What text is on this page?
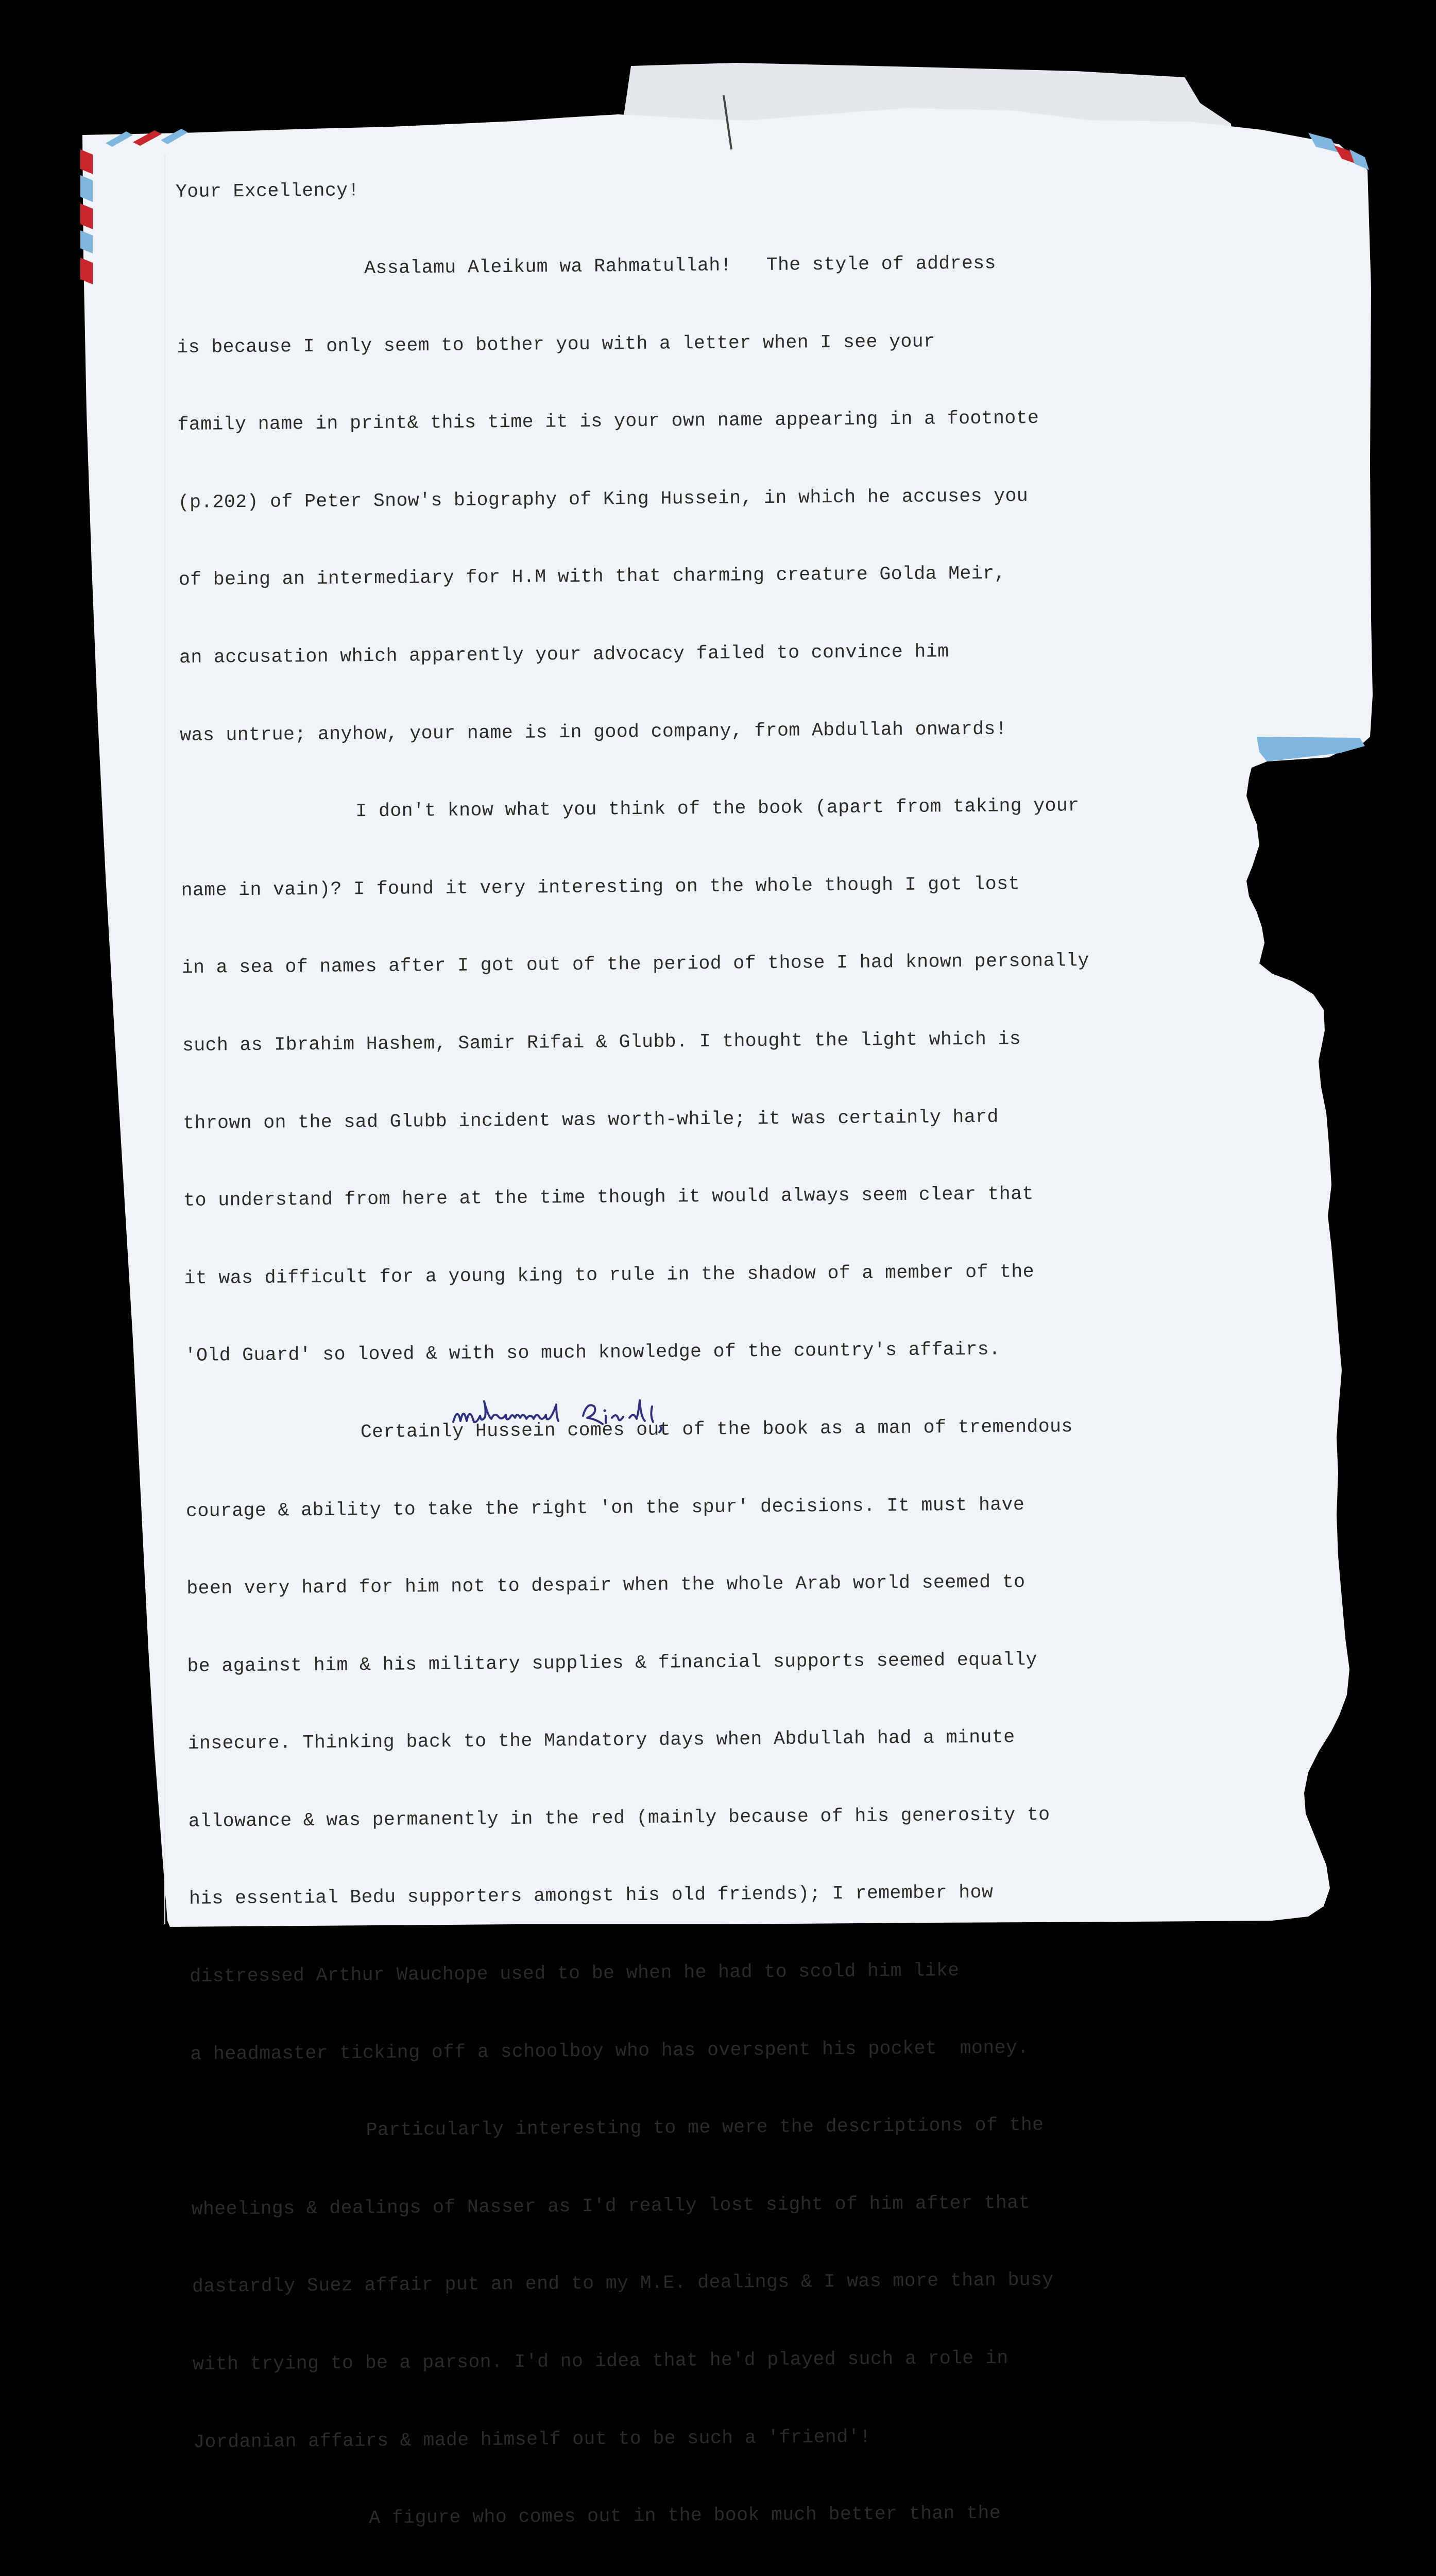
Your Excellency!

Assalamu Aleikum wa Rahmatullah!   The style of address

is because I only seem to bother you with a letter when I see your

family name in print& this time it is your own name appearing in a footnote

(p.202) of Peter Snow's biography of King Hussein, in which he accuses you

of being an intermediary for H.M with that charming creature Golda Meir,

an accusation which apparently your advocacy failed to convince him

was untrue; anyhow, your name is in good company, from Abdullah onwards!

I don't know what you think of the book (apart from taking your

name in vain)? I found it very interesting on the whole though I got lost

in a sea of names after I got out of the period of those I had known personally

such as Ibrahim Hashem, Samir Rifai & Glubb. I thought the light which is

thrown on the sad Glubb incident was worth-while; it was certainly hard

to understand from here at the time though it would always seem clear that

it was difficult for a young king to rule in the shadow of a member of the

'Old Guard' so loved & with so much knowledge of the country's affairs.

Certainly Hussein comes out of the book as a man of tremendous

courage & ability to take the right 'on the spur' decisions. It must have

been very hard for him not to despair when the whole Arab world seemed to

be against him & his military supplies & financial supports seemed equally

insecure. Thinking back to the Mandatory days when Abdullah had a minute

allowance & was permanently in the red (mainly because of his generosity to

his essential Bedu supporters amongst his old friends); I remember how

distressed Arthur Wauchope used to be when he had to scold him like

a headmaster ticking off a schoolboy who has overspent his pocket  money.

Particularly interesting to me were the descriptions of the

wheelings & dealings of Nasser as I'd really lost sight of him after that

dastardly Suez affair put an end to my M.E. dealings & I was more than busy

with trying to be a parson. I'd no idea that he'd played such a role in

Jordanian affairs & made himself out to be such a 'friend'!

A figure who comes out in the book much better than the
